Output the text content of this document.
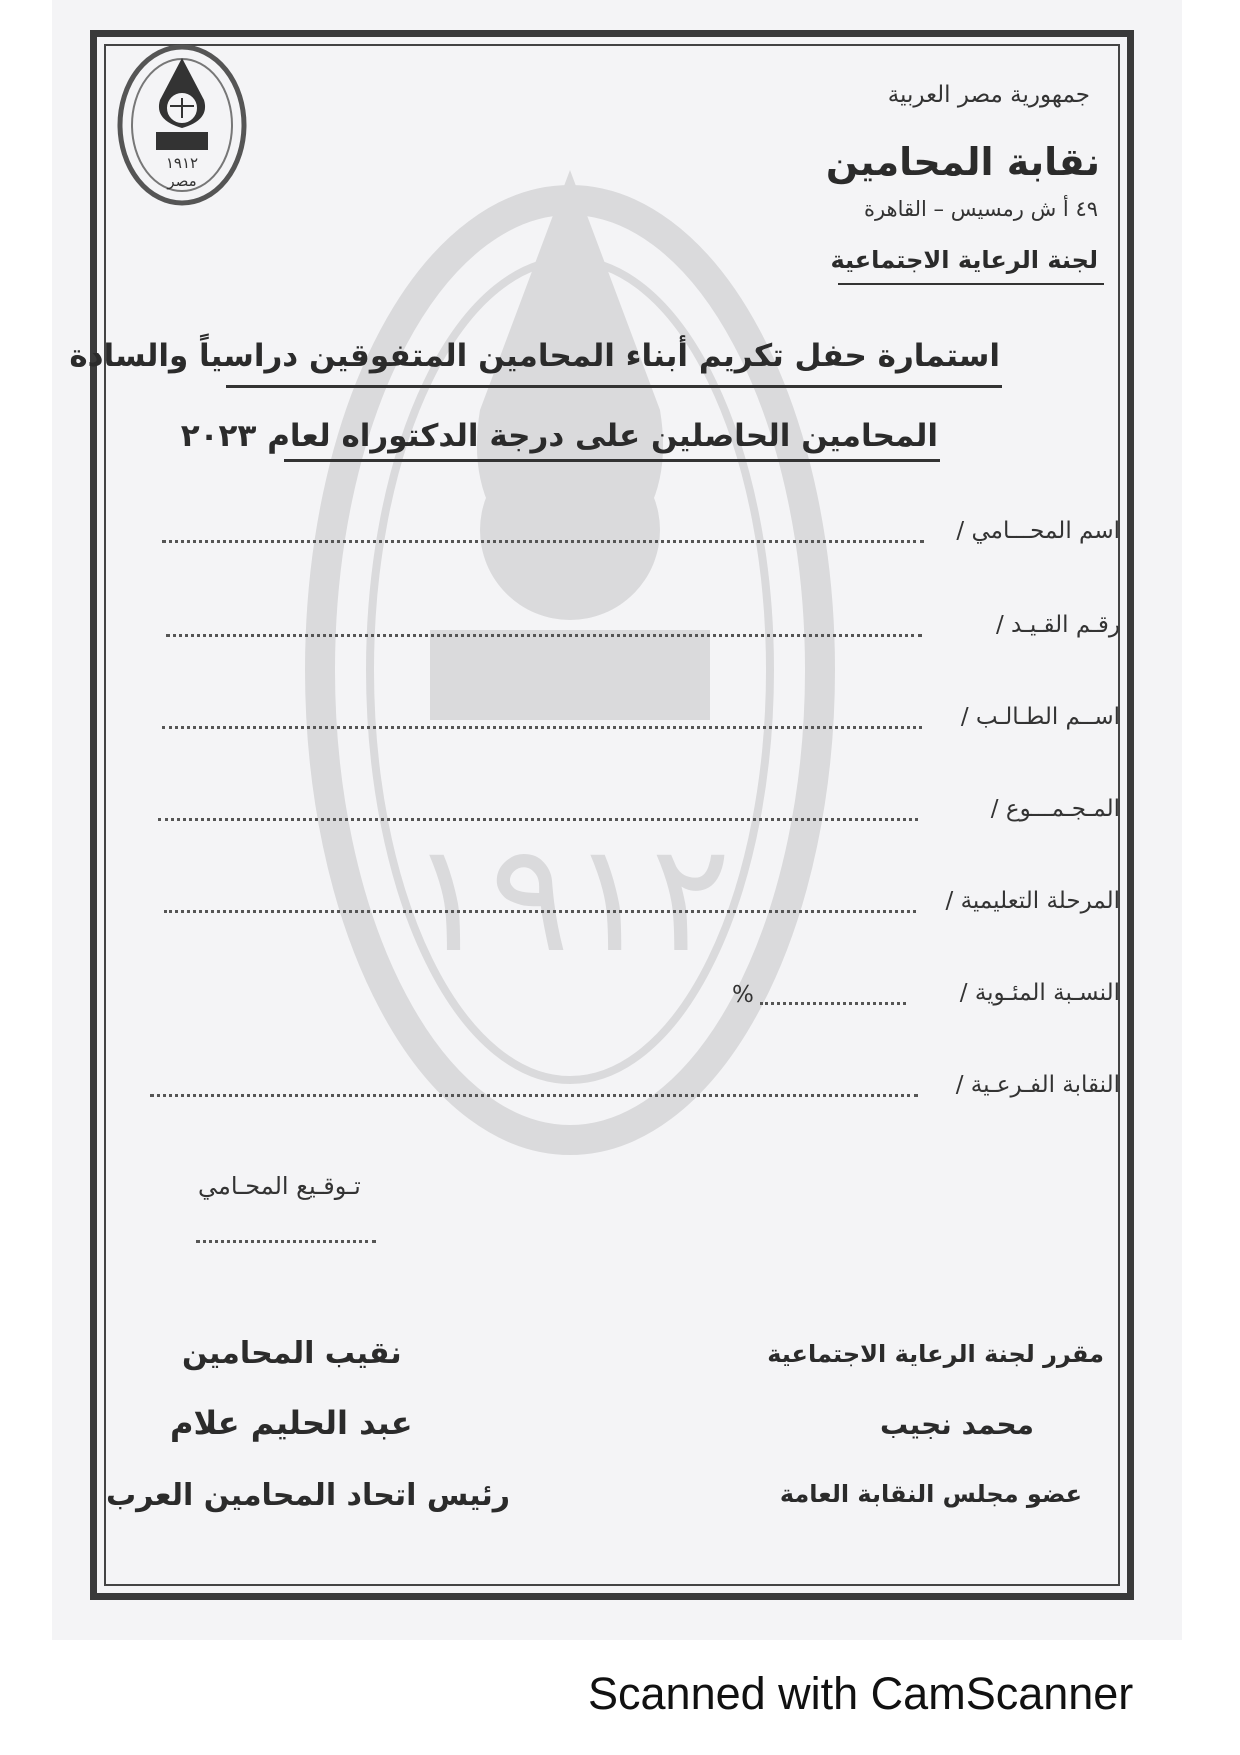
١٩١٢
١٩١٢
مصر
جمهورية مصر العربية
نقابة المحامين
٤٩ أ ش رمسيس – القاهرة
لجنة الرعاية الاجتماعية
استمارة حفل تكريم أبناء المحامين المتفوقين دراسياً والسادة
المحامين الحاصلين على درجة الدكتوراه لعام ٢٠٢٣
اسم المحـــامي /
رقـم القـيـد /
اســم الطـالـب /
المـجـمـــوع /
المرحلة التعليمية /
النسـبة المئـوية /
%
النقابة الفـرعـية /
تـوقـيع المحـامي
مقرر لجنة الرعاية الاجتماعية
محمد نجيب
عضو مجلس النقابة العامة
نقيب المحامين
عبد الحليم علام
رئيس اتحاد المحامين العرب
Scanned with CamScanner
